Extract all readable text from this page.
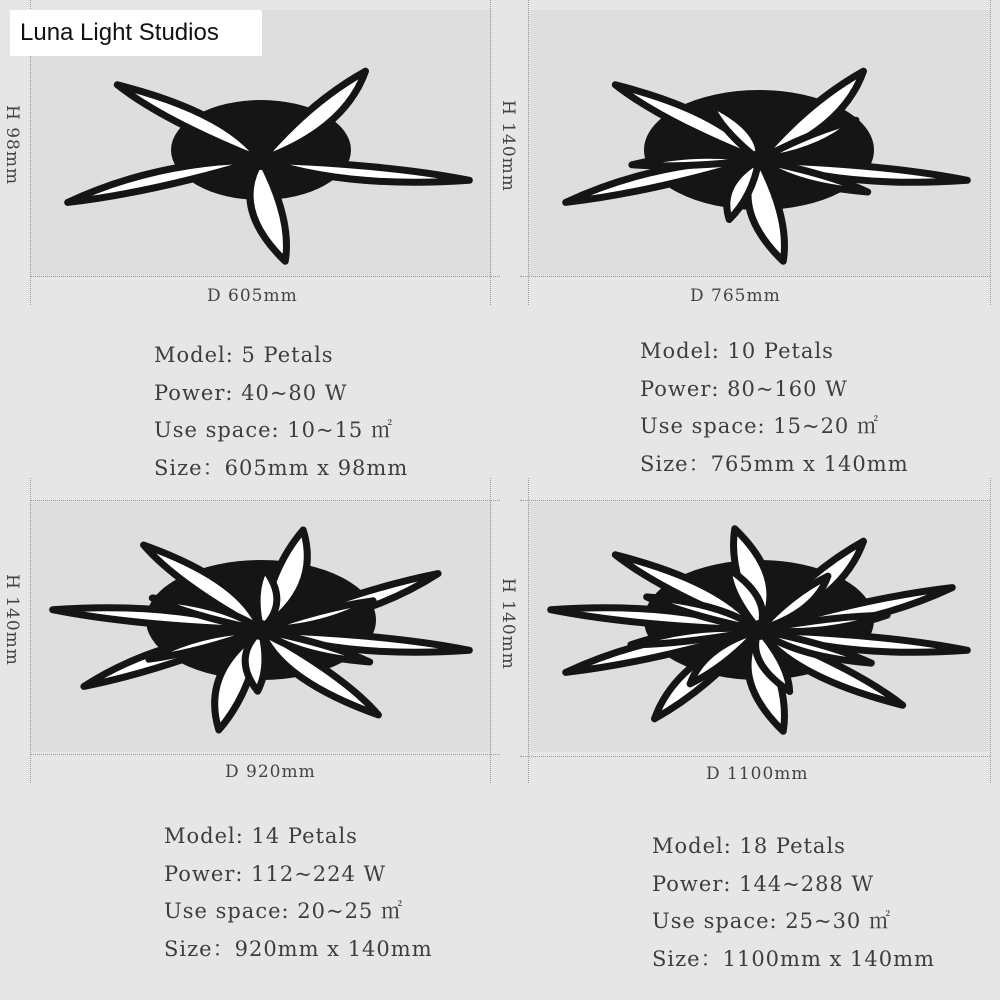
Luna Light Studios
H 98mm
D 605mm
Model: 5 Petals
Power: 40~80 W
Use space: 10~15 ㎡
Size：605mm x 98mm
H 140mm
D 765mm
Model: 10 Petals
Power: 80~160 W
Use space: 15~20 ㎡
Size：765mm x 140mm
H 140mm
D 920mm
Model: 14 Petals
Power: 112~224 W
Use space: 20~25 ㎡
Size：920mm x 140mm
H 140mm
D 1100mm
Model: 18 Petals
Power: 144~288 W
Use space: 25~30 ㎡
Size：1100mm x 140mm
